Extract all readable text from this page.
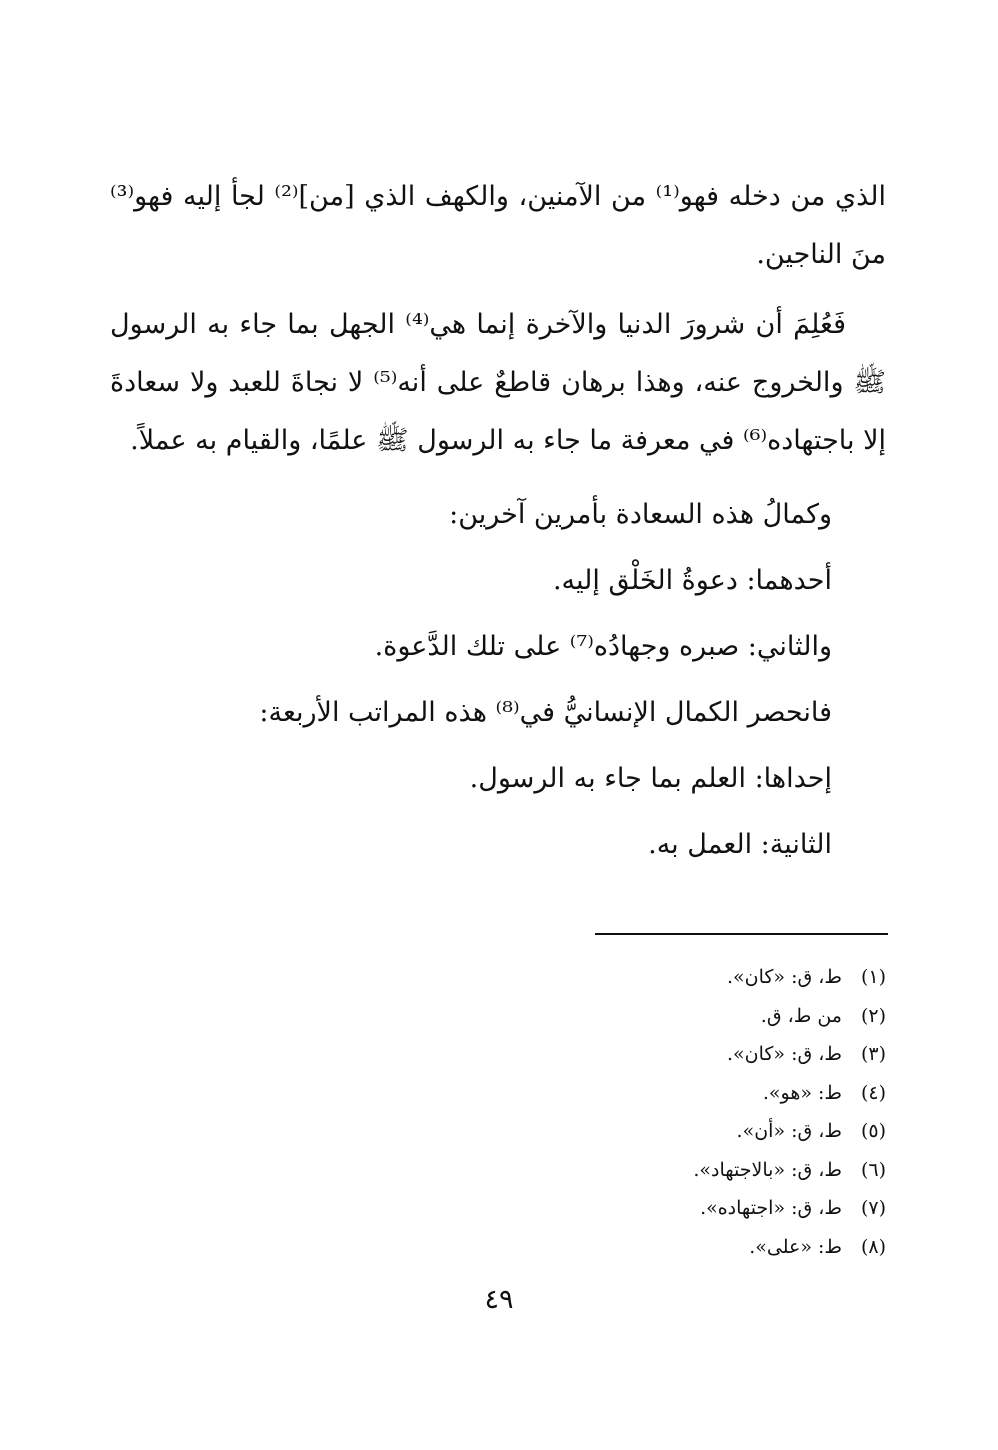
الذي من دخله فهو⁽¹⁾ من الآمنين، والكهف الذي [من]⁽²⁾ لجأ إليه فهو⁽³⁾ منَ الناجين.

فَعُلِمَ أن شرورَ الدنيا والآخرة إنما هي⁽⁴⁾ الجهل بما جاء به الرسول ﷺ والخروج عنه، وهذا برهان قاطعٌ على أنه⁽⁵⁾ لا نجاةَ للعبد ولا سعادةَ إلا باجتهاده⁽⁶⁾ في معرفة ما جاء به الرسول ﷺ علمًا، والقيام به عملاً.

وكمالُ هذه السعادة بأمرين آخرين:

أحدهما: دعوةُ الخَلْق إليه.

والثاني: صبره وجهادُه⁽⁷⁾ على تلك الدَّعوة.

فانحصر الكمال الإنسانيُّ في⁽⁸⁾ هذه المراتب الأربعة:

إحداها: العلم بما جاء به الرسول.

الثانية: العمل به.

(١)
ط، ق: «كان».
(٢)
من ط، ق.
(٣)
ط، ق: «كان».
(٤)
ط: «هو».
(٥)
ط، ق: «أن».
(٦)
ط، ق: «بالاجتهاد».
(٧)
ط، ق: «اجتهاده».
(٨)
ط: «على».
٤٩
